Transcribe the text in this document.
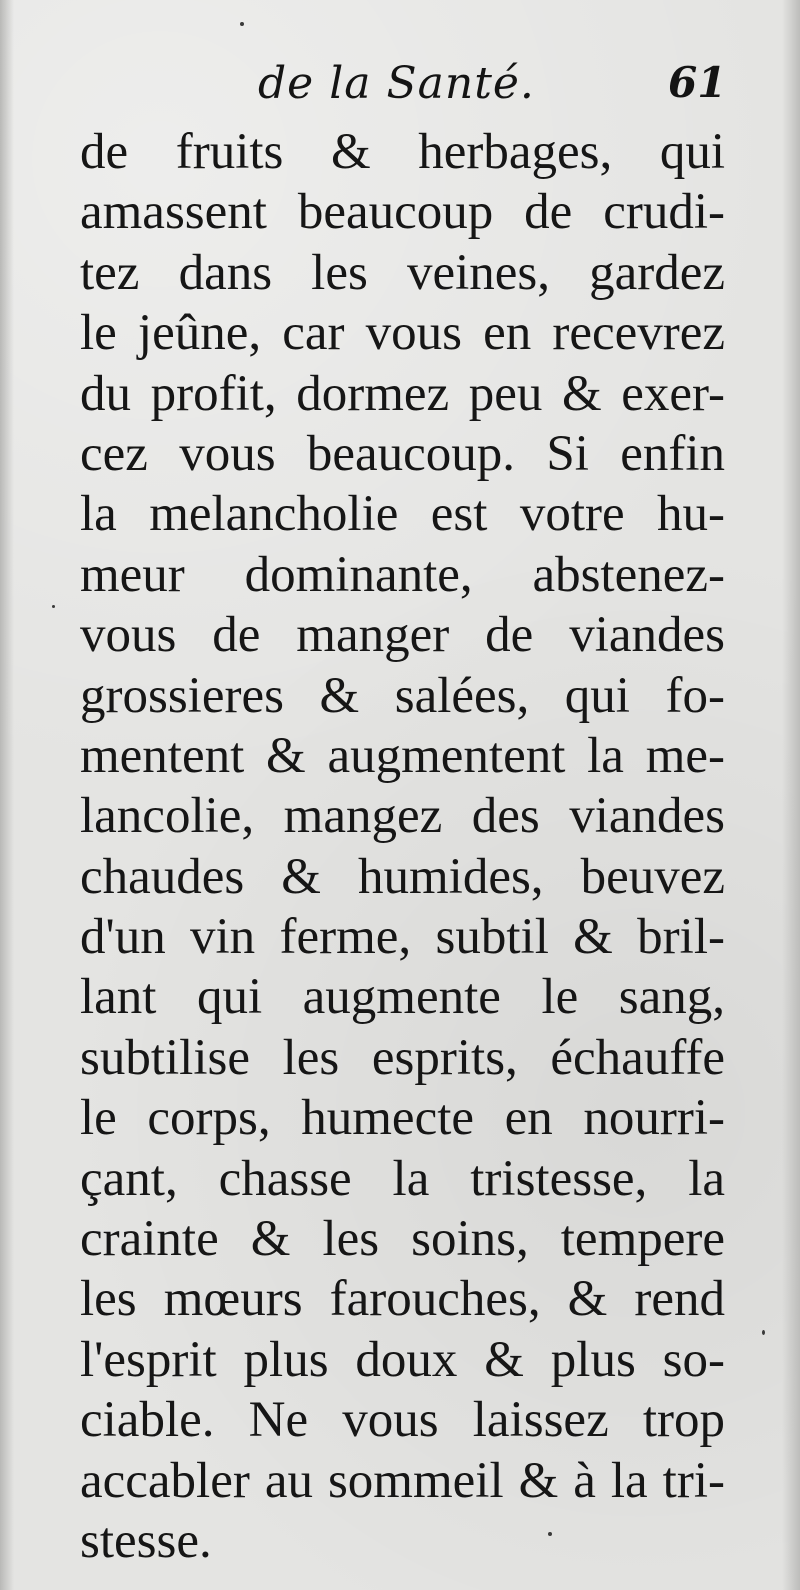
de la Santé.	61
de fruits & herbages, qui
amassent beaucoup de crudi-
tez dans les veines, gardez
le jeûne, car vous en recevrez
du profit, dormez peu & exer-
cez vous beaucoup. Si enfin
la melancholie est votre hu-
meur dominante, abstenez-
vous de manger de viandes
grossieres & salées, qui fo-
mentent & augmentent la me-
lancolie, mangez des viandes
chaudes & humides, beuvez
d'un vin ferme, subtil & bril-
lant qui augmente le sang,
subtilise les esprits, échauffe
le corps, humecte en nourri-
çant, chasse la tristesse, la
crainte & les soins, tempere
les mœurs farouches, & rend
l'esprit plus doux & plus so-
ciable. Ne vous laissez trop
accabler au sommeil & à la tri-
stesse.
